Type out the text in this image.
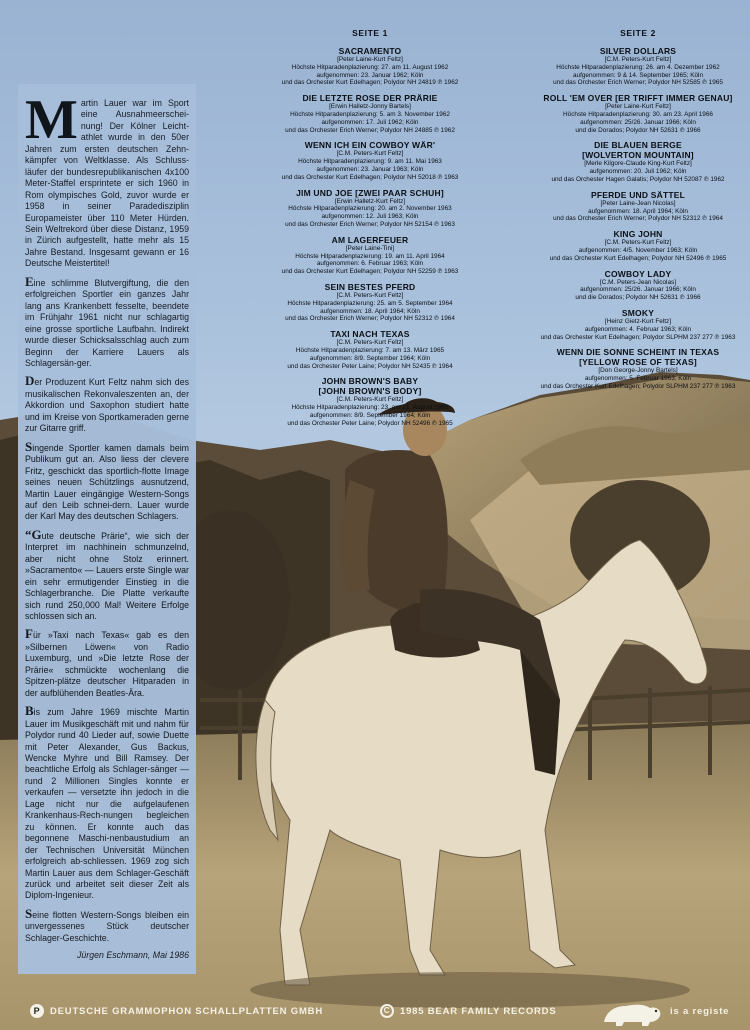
Martin Lauer war im Sport eine Ausnahmeerschei-nung! Der Kölner Leicht-athlet wurde in den 50er Jahren zum ersten deutschen Zehn-kämpfer von Weltklasse. Als Schluss-läufer der bundesrepublikanischen 4x100 Meter-Staffel ersprintete er sich 1960 in Rom olympisches Gold, zuvor wurde er 1958 in seiner Paradedisziplin Europameister über 110 Meter Hürden. Sein Weltrekord über diese Distanz, 1959 in Zürich aufgestellt, hatte mehr als 15 Jahre Bestand. Insgesamt gewann er 16 Deutsche Meistertitel!

Eine schlimme Blutvergiftung, die den erfolgreichen Sportler ein ganzes Jahr lang ans Krankenbett fesselte, beendete im Frühjahr 1961 nicht nur schlagartig eine grosse sportliche Laufbahn. Indirekt wurde dieser Schicksalsschlag auch zum Beginn der Karriere Lauers als Schlagersän-ger.

Der Produzent Kurt Feltz nahm sich des musikalischen Rekonvaleszenten an, der Akkordion und Saxophon studiert hatte und im Kreise von Sportkameraden gerne zur Gitarre griff.

Singende Sportler kamen damals beim Publikum gut an. Also liess der clevere Fritz, geschickt das sportlich-flotte Image seines neuen Schützlings ausnutzend, Martin Lauer eingängige Western-Songs auf den Leib schnei-dern. Lauer wurde der Karl May des deutschen Schlagers.

“Gute deutsche Prärie“, wie sich der Interpret im nachhinein schmunzelnd, aber nicht ohne Stolz erinnert. »Sacramento« — Lauers erste Single war ein sehr ermutigender Einstieg in die Schlagerbranche. Die Platte verkaufte sich rund 250,000 Mal! Weitere Erfolge schlossen sich an.

Für »Taxi nach Texas« gab es den »Silbernen Löwen« von Radio Luxemburg, und »Die letzte Rose der Prärie« schmückte wochenlang die Spitzen-plätze deutscher Hitparaden in der aufblühenden Beatles-Ära.

Bis zum Jahre 1969 mischte Martin Lauer im Musikgeschäft mit und nahm für Polydor rund 40 Lieder auf, sowie Duette mit Peter Alexander, Gus Backus, Wencke Myhre und Bill Ramsey. Der beachtliche Erfolg als Schlager-sänger — rund 2 Millionen Singles konnte er verkaufen — versetzte ihn jedoch in die Lage nicht nur die aufgelaufenen Krankenhaus-Rech-nungen begleichen zu können. Er konnte auch das begonnene Maschi-nenbaustudium an der Technischen Universität München erfolgreich ab-schliessen. 1969 zog sich Martin Lauer aus dem Schlager-Geschäft zurück und arbeitet seit dieser Zeit als Diplom-Ingenieur.

Seine flotten Western-Songs bleiben ein unvergessenes Stück deutscher Schlager-Geschichte.

Jürgen Eschmann, Mai 1986
SEITE 1
SACRAMENTO
[Peter Laine-Kurt Feltz]
Höchste Hitparadenplazierung: 27. am 11. August 1962
aufgenommen: 23. Januar 1962; Köln
und das Orchester Kurt Edelhagen; Polydor NH 24819 ℗ 1962
DIE LETZTE ROSE DER PRÄRIE
[Erwin Halletz-Jonny Bartels]
Höchste Hitparadenplazierung: 5. am 3. November 1962
aufgenommen: 17. Juli 1962; Köln
und das Orchester Erich Werner; Polydor NH 24885 ℗ 1962
WENN ICH EIN COWBOY WÄR'
[C.M. Peters-Kurt Feltz]
Höchste Hitparadenplazierung: 9. am 11. Mai 1963
aufgenommen: 23. Januar 1963; Köln
und das Orchester Kurt Edelhagen; Polydor NH 52018 ℗ 1963
JIM UND JOE [ZWEI PAAR SCHUH]
[Erwin Halletz-Kurt Feltz]
Höchste Hitparadenplazierung: 20. am 2. November 1963
aufgenommen: 12. Juli 1963; Köln
und das Orchester Erich Werner; Polydor NH 52154 ℗ 1963
AM LAGERFEUER
[Peter Laine-Tini]
Höchste Hitparadenplazierung: 19. am 11. April 1964
aufgenommen: 6. Februar 1963; Köln
und das Orchester Kurt Edelhagen; Polydor NH 52259 ℗ 1963
SEIN BESTES PFERD
[C.M. Peters-Kurt Feltz]
Höchste Hitparadenplazierung: 25. am 5. September 1964
aufgenommen: 18. April 1964; Köln
und das Orchester Erich Werner; Polydor NH 52312 ℗ 1964
TAXI NACH TEXAS
[C.M. Peters-Kurt Feltz]
Höchste Hitparadenplazierung: 7. am 13. März 1965
aufgenommen: 8/9. September 1964; Köln
und das Orchester Peter Laine; Polydor NH 52435 ℗ 1964
JOHN BROWN'S BABY
[JOHN BROWN'S BODY]
[C.M. Peters-Kurt Feltz]
Höchste Hitparadenplazierung: 23. am 21. August 1965
aufgenommen: 8/9. September 1964; Köln
und das Orchester Peter Laine; Polydor NH 52496 ℗ 1965
SEITE 2
SILVER DOLLARS
[C.M. Peters-Kurt Feltz]
Höchste Hitparadenplazierung: 26. am 4. Dezember 1962
aufgenommen: 9 & 14. September 1965; Köln
und das Orchester Erich Werner; Polydor NH 52585 ℗ 1965
ROLL 'EM OVER [ER TRIFFT IMMER GENAU]
[Peter Laine-Kurt Feltz]
Höchste Hitparadenplazierung: 30. am 23. April 1966
aufgenommen: 25/26. Januar 1966; Köln
und die Dorados; Polydor NH 52631 ℗ 1966
DIE BLAUEN BERGE
[WOLVERTON MOUNTAIN]
[Merle Kilgore-Claude King-Kurt Feltz]
aufgenommen: 20. Juli 1962; Köln
und das Orchester Hagen Galatis; Polydor NH 52087 ℗ 1962
PFERDE UND SÄTTEL
[Peter Laine-Jean Nicolas]
aufgenommen: 18. April 1964; Köln
und das Orchester Erich Werner; Polydor NH 52312 ℗ 1964
KING JOHN
[C.M. Peters-Kurt Feltz]
aufgenommen: 4/5. November 1963; Köln
und das Orchester Kurt Edelhagen; Polydor NH 52496 ℗ 1965
COWBOY LADY
[C.M. Peters-Jean Nicolas]
aufgenommen: 25/26. Januar 1966; Köln
und die Dorados; Polydor NH 52631 ℗ 1966
SMOKY
[Heinz Gietz-Kurt Feltz]
aufgenommen: 4. Februar 1963; Köln
und das Orchester Kurt Edelhagen; Polydor SLPHM 237 277 ℗ 1963
WENN DIE SONNE SCHEINT IN TEXAS
[YELLOW ROSE OF TEXAS]
[Don George-Jonny Bartels]
aufgenommen: 5. Februar 1963; Köln
und das Orchester Kurt Edelhagen; Polydor SLPHM 237 277 ℗ 1963
P	DEUTSCHE GRAMMOPHON SCHALLPLATTEN GMBH	C	1985 BEAR FAMILY RECORDS	is a registe
